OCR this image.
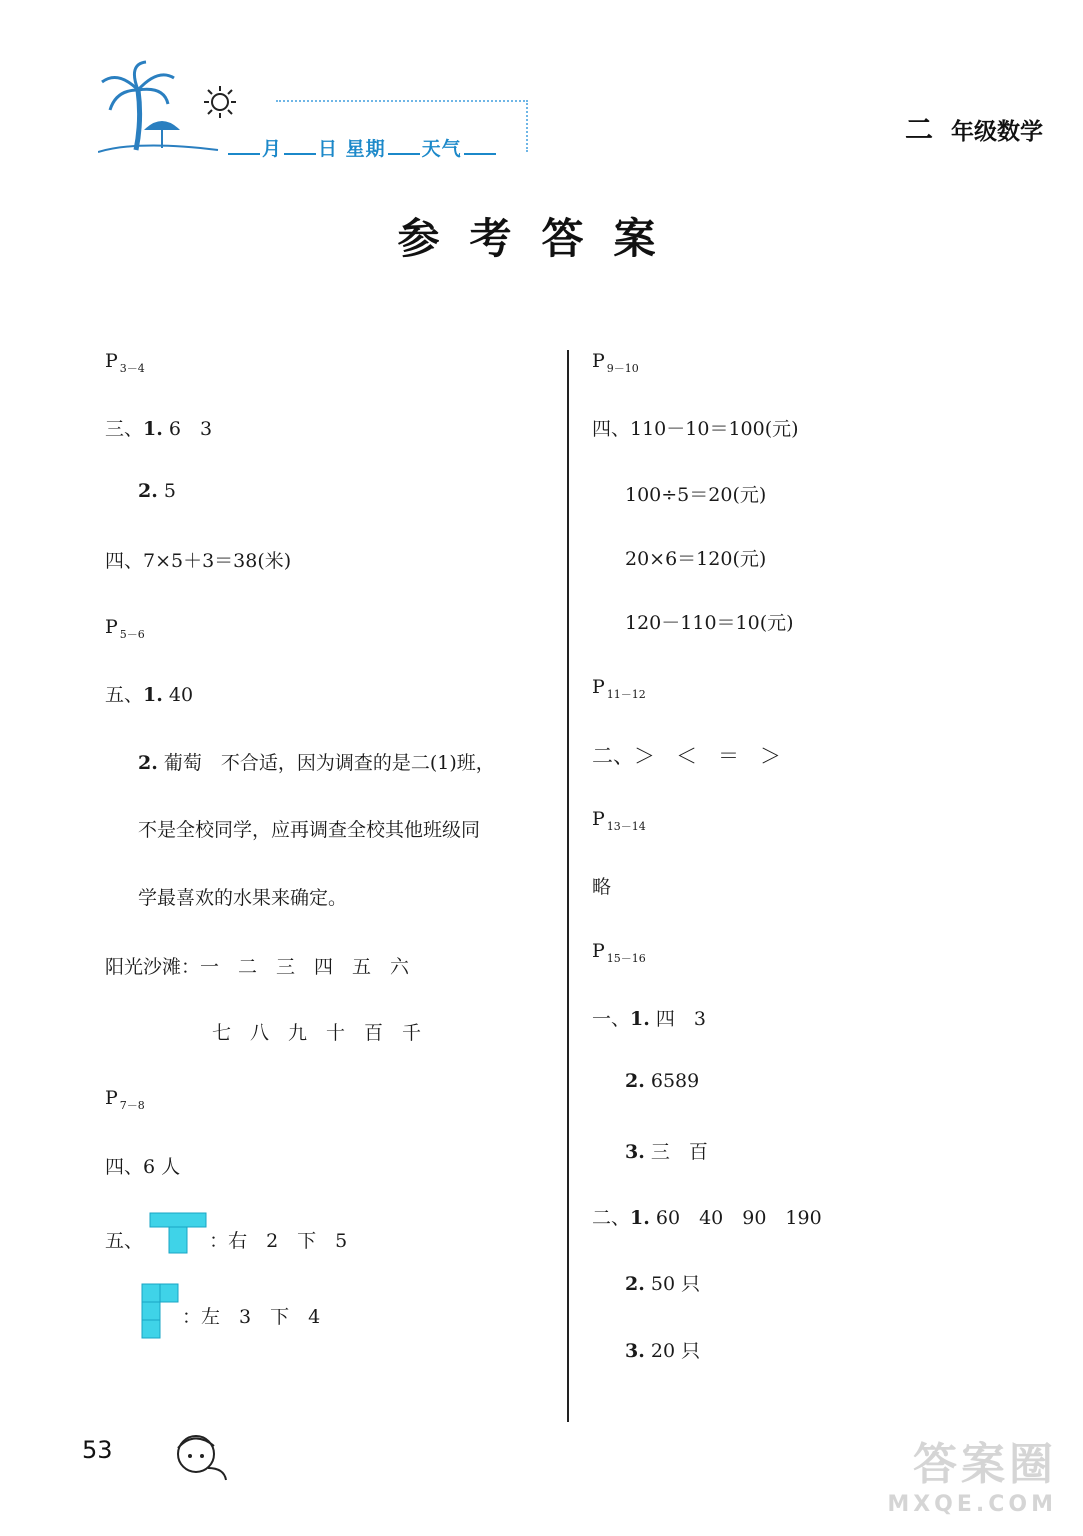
月 日 星期 天气
二 年级数学
参考答案
P $_{3-4}$
三、1. 6　3
2. 5
四、7×5＋3＝38(米)
P $_{5-6}$
五、1. 40
2. 葡萄　不合适，因为调查的是二(1)班，
不是全校同学，应再调查全校其他班级同
学最喜欢的水果来确定。
阳光沙滩：一　二　三　四　五　六
七　八　九　十　百　千
P $_{7-8}$
四、6 人
五、	：右　2　下　5
：左　3　下　4
P $_{9-10}$
四、110－10＝100(元)
100÷5＝20(元)
20×6＝120(元)
120－110＝10(元)
P $_{11-12}$
二、＞　＜　＝　＞
P $_{13-14}$
略
P $_{15-16}$
一、1. 四　3
2. 6589
3. 三　百
二、1. 60　40　90　190
2. 50 只
3. 20 只
53	答案圈
MXQE.COM
